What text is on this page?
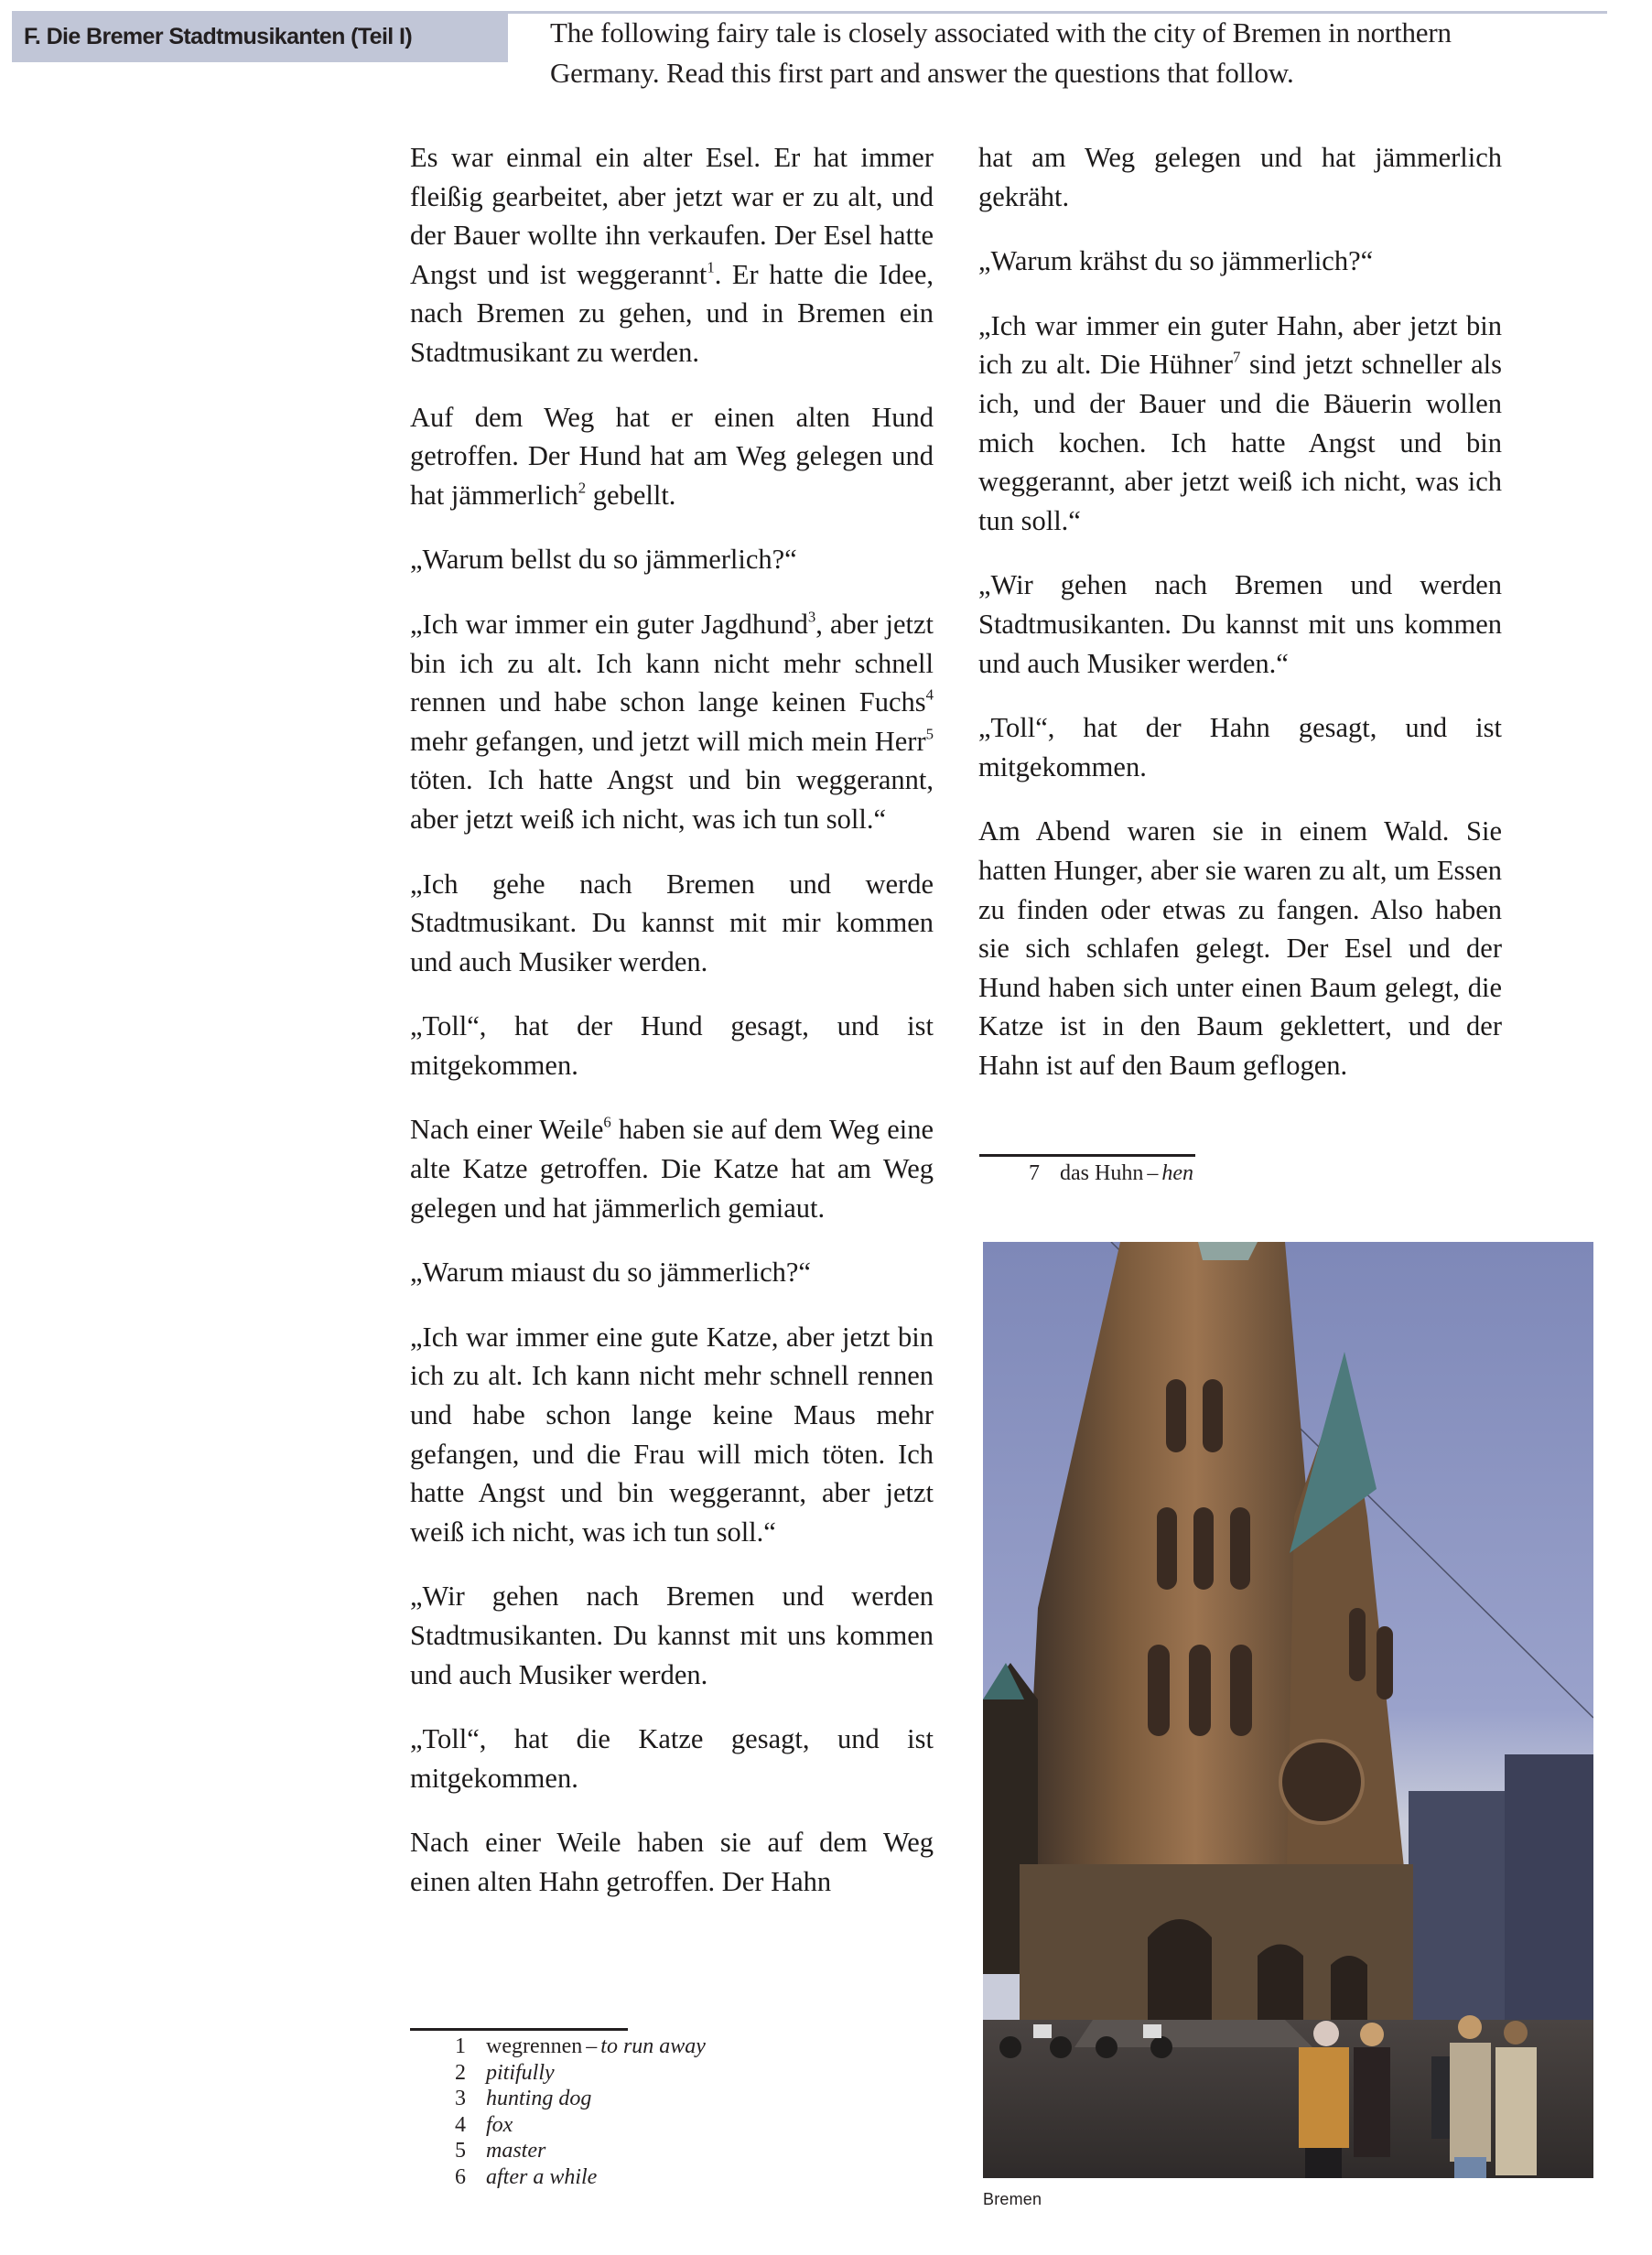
F. Die Bremer Stadtmusikanten (Teil I)	The following fairy tale is closely associated with the city of Bremen in northern
Germany. Read this first part and answer the questions that follow.

Es war einmal ein alter Esel. Er hat immer fleißig gearbeitet, aber jetzt war er zu alt, und der Bauer wollte ihn verkaufen. Der Esel hatte Angst und ist weggerannt$^1$. Er hatte die Idee, nach Bremen zu gehen, und in Bremen ein Stadtmusikant zu werden.

Auf dem Weg hat er einen alten Hund getroffen. Der Hund hat am Weg gelegen und hat jämmerlich$^2$ gebellt.

„Warum bellst du so jämmerlich?“

„Ich war immer ein guter Jagdhund$^3$, aber jetzt bin ich zu alt. Ich kann nicht mehr schnell rennen und habe schon lange keinen Fuchs$^4$ mehr gefangen, und jetzt will mich mein Herr$^5$ töten. Ich hatte Angst und bin weggerannt, aber jetzt weiß ich nicht, was ich tun soll.“

„Ich gehe nach Bremen und werde Stadtmusikant. Du kannst mit mir kommen und auch Musiker werden.

„Toll“, hat der Hund gesagt, und ist mitgekommen.

Nach einer Weile$^6$ haben sie auf dem Weg eine alte Katze getroffen. Die Katze hat am Weg gelegen und hat jämmerlich gemiaut.

„Warum miaust du so jämmerlich?“

„Ich war immer eine gute Katze, aber jetzt bin ich zu alt. Ich kann nicht mehr schnell rennen und habe schon lange keine Maus mehr gefangen, und die Frau will mich töten. Ich hatte Angst und bin weggerannt, aber jetzt weiß ich nicht, was ich tun soll.“

„Wir gehen nach Bremen und werden Stadtmusikanten. Du kannst mit uns kommen und auch Musiker werden.

„Toll“, hat die Katze gesagt, und ist mitgekommen.

Nach einer Weile haben sie auf dem Weg einen alten Hahn getroffen. Der Hahn

hat am Weg gelegen und hat jämmerlich gekräht.

„Warum krähst du so jämmerlich?“

„Ich war immer ein guter Hahn, aber jetzt bin ich zu alt. Die Hühner$^7$ sind jetzt schneller als ich, und der Bauer und die Bäuerin wollen mich kochen. Ich hatte Angst und bin weggerannt, aber jetzt weiß ich nicht, was ich tun soll.“

„Wir gehen nach Bremen und werden Stadtmusikanten. Du kannst mit uns kommen und auch Musiker werden.“

„Toll“, hat der Hahn gesagt, und ist mitgekommen.

Am Abend waren sie in einem Wald. Sie hatten Hunger, aber sie waren zu alt, um Essen zu finden oder etwas zu fangen. Also haben sie sich schlafen gelegt. Der Esel und der Hund haben sich unter einen Baum gelegt, die Katze ist in den Baum geklettert, und der Hahn ist auf den Baum geflogen.

1 wegrennen – to run away
2 pitifully
3 hunting dog
4 fox
5 master
6 after a while
7 das Huhn – hen
Bremen
